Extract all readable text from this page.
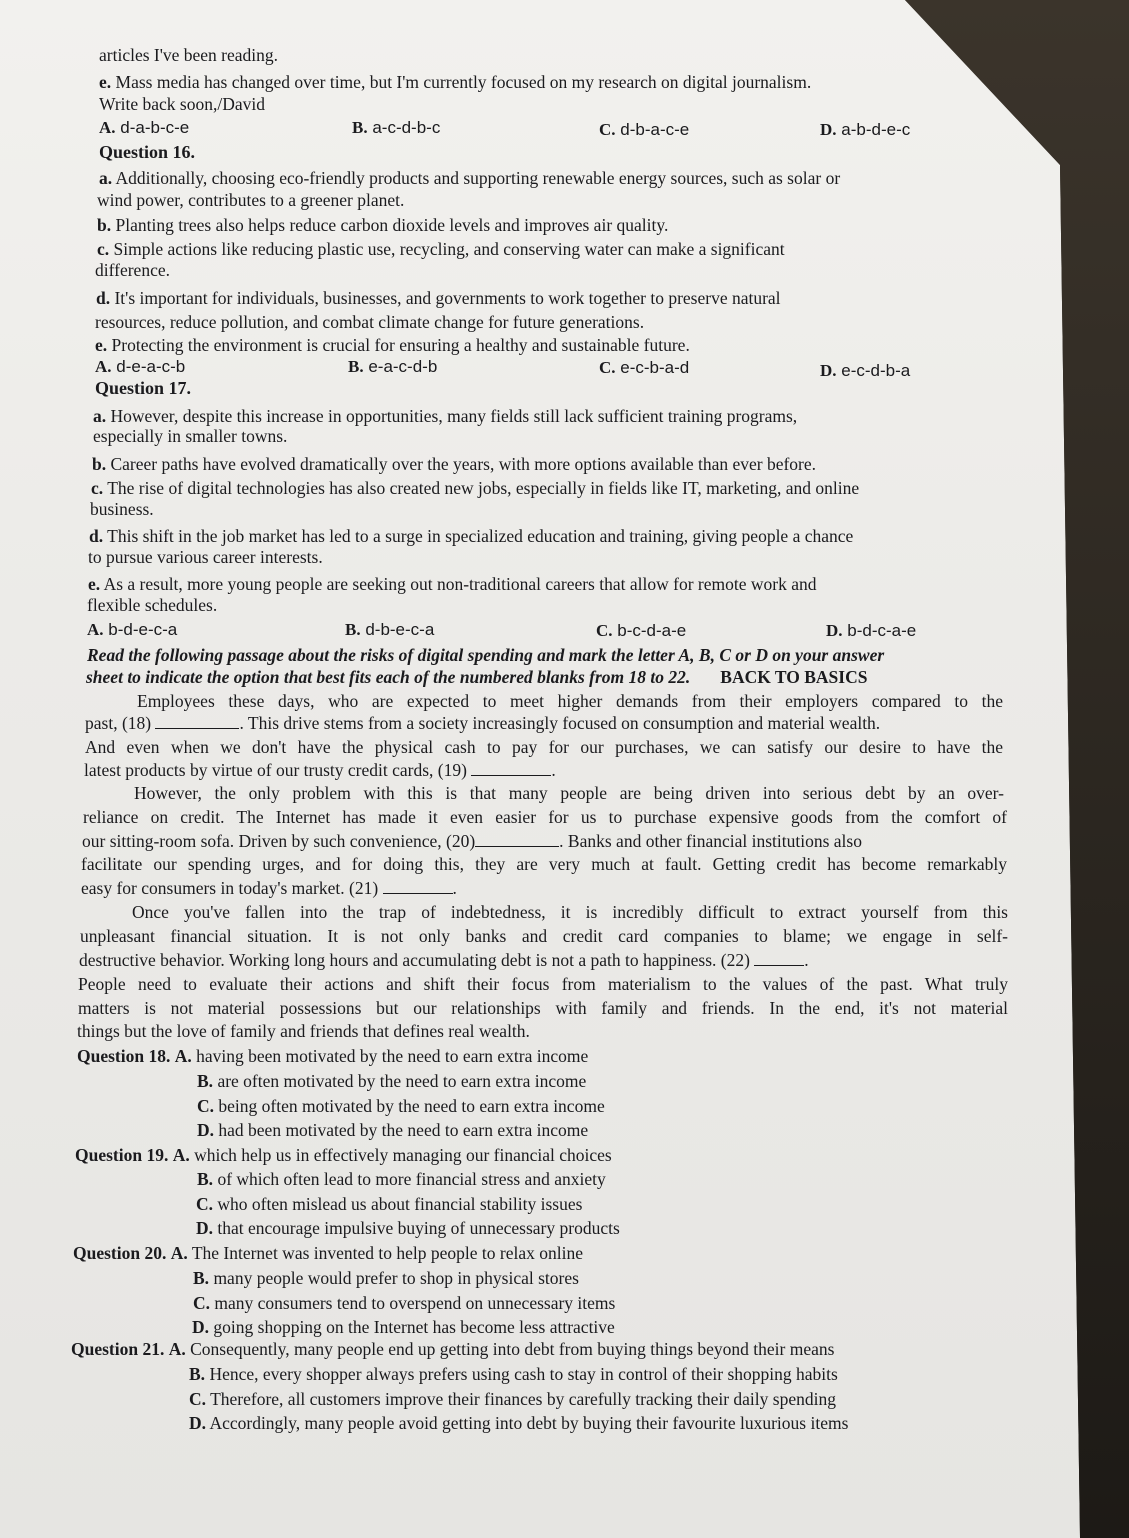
articles I've been reading.
e. Mass media has changed over time, but I'm currently focused on my research on digital journalism.
Write back soon,/David
A. d-a-b-c-e	B. a-c-d-b-c	C. d-b-a-c-e	D. a-b-d-e-c
Question 16.
a. Additionally, choosing eco-friendly products and supporting renewable energy sources, such as solar or
wind power, contributes to a greener planet.
b. Planting trees also helps reduce carbon dioxide levels and improves air quality.
c. Simple actions like reducing plastic use, recycling, and conserving water can make a significant
difference.
d. It's important for individuals, businesses, and governments to work together to preserve natural
resources, reduce pollution, and combat climate change for future generations.
e. Protecting the environment is crucial for ensuring a healthy and sustainable future.
A. d-e-a-c-b	B. e-a-c-d-b	C. e-c-b-a-d	D. e-c-d-b-a
Question 17.
a. However, despite this increase in opportunities, many fields still lack sufficient training programs,
especially in smaller towns.
b. Career paths have evolved dramatically over the years, with more options available than ever before.
c. The rise of digital technologies has also created new jobs, especially in fields like IT, marketing, and online
business.
d. This shift in the job market has led to a surge in specialized education and training, giving people a chance
to pursue various career interests.
e. As a result, more young people are seeking out non-traditional careers that allow for remote work and
flexible schedules.
A. b-d-e-c-a	B. d-b-e-c-a	C. b-c-d-a-e	D. b-d-c-a-e
Read the following passage about the risks of digital spending and mark the letter A, B, C or D on your answer
sheet to indicate the option that best fits each of the numbered blanks from 18 to 22. BACK TO BASICS
Employees these days, who are expected to meet higher demands from their employers compared to the
past, (18)	. This drive stems from a society increasingly focused on consumption and material wealth.
And even when we don't have the physical cash to pay for our purchases, we can satisfy our desire to have the
latest products by virtue of our trusty credit cards, (19)	.
However, the only problem with this is that many people are being driven into serious debt by an over-
reliance on credit. The Internet has made it even easier for us to purchase expensive goods from the comfort of
our sitting-room sofa. Driven by such convenience, (20)	. Banks and other financial institutions also
facilitate our spending urges, and for doing this, they are very much at fault. Getting credit has become remarkably
easy for consumers in today's market. (21)	.
Once you've fallen into the trap of indebtedness, it is incredibly difficult to extract yourself from this
unpleasant financial situation. It is not only banks and credit card companies to blame; we engage in self-
destructive behavior. Working long hours and accumulating debt is not a path to happiness. (22)	.
People need to evaluate their actions and shift their focus from materialism to the values of the past. What truly
matters is not material possessions but our relationships with family and friends. In the end, it's not material
things but the love of family and friends that defines real wealth.
Question 18. A. having been motivated by the need to earn extra income
B. are often motivated by the need to earn extra income
C. being often motivated by the need to earn extra income
D. had been motivated by the need to earn extra income
Question 19. A. which help us in effectively managing our financial choices
B. of which often lead to more financial stress and anxiety
C. who often mislead us about financial stability issues
D. that encourage impulsive buying of unnecessary products
Question 20. A. The Internet was invented to help people to relax online
B. many people would prefer to shop in physical stores
C. many consumers tend to overspend on unnecessary items
D. going shopping on the Internet has become less attractive
Question 21. A. Consequently, many people end up getting into debt from buying things beyond their means
B. Hence, every shopper always prefers using cash to stay in control of their shopping habits
C. Therefore, all customers improve their finances by carefully tracking their daily spending
D. Accordingly, many people avoid getting into debt by buying their favourite luxurious items
